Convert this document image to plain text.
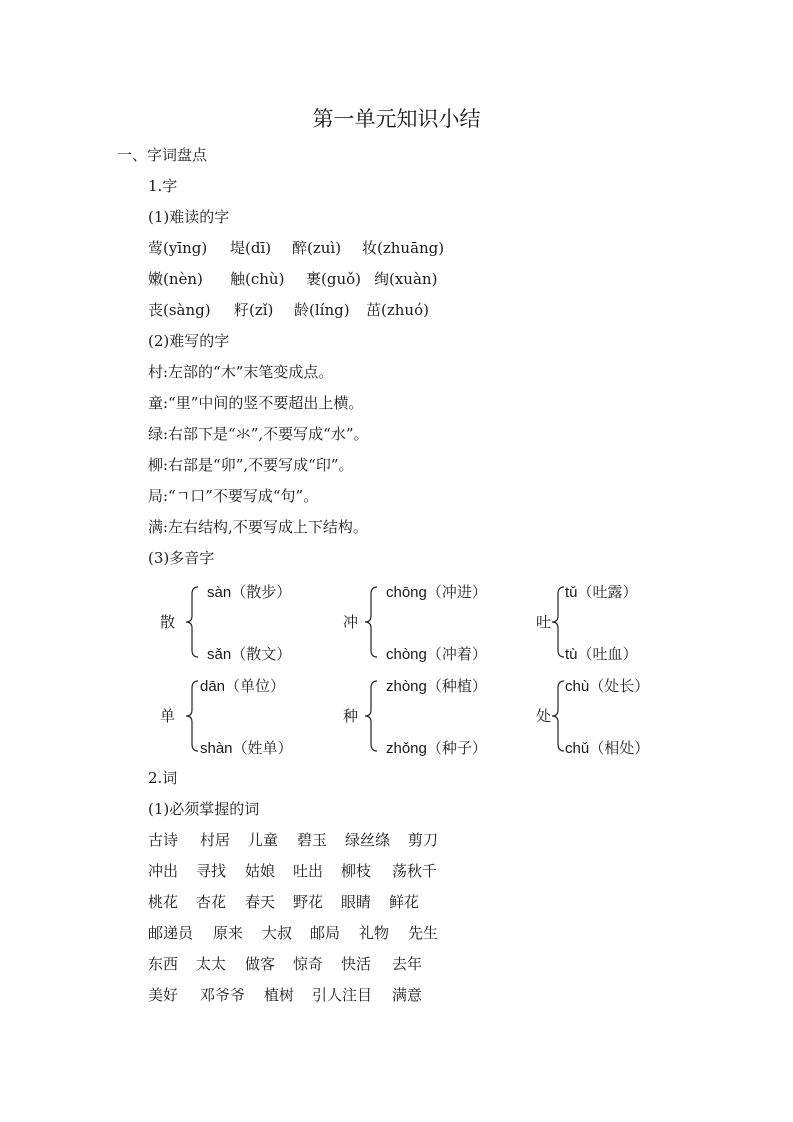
第一单元知识小结
一、字词盘点
1.字
(1)难读的字
莺(yīng) 堤(dī) 醉(zuì) 妆(zhuāng)
嫩(nèn) 触(chù) 裹(guǒ) 绚(xuàn)
丧(sàng) 籽(zǐ) 龄(líng) 茁(zhuó)
(2)难写的字
村:左部的“木”末笔变成点。
童:“里”中间的竖不要超出上横。
绿:右部下是“氺”,不要写成“水”。
柳:右部是“卯”,不要写成“印”。
局:“ㄱ口”不要写成“句”。
满:左右结构,不要写成上下结构。
(3)多音字
散
sàn（散步）
sǎn（散文）
冲
chōng（冲进）
chòng（冲着）
吐
tǔ（吐露）
tù（吐血）
单
dān（单位）
shàn（姓单）
种
zhòng（种植）
zhǒng（种子）
处
chù（处长）
chǔ（相处）
2.词
(1)必须掌握的词
古诗 村居 儿童 碧玉 绿丝绦 剪刀
冲出 寻找 姑娘 吐出 柳枝 荡秋千
桃花 杏花 春天 野花 眼睛 鲜花
邮递员 原来 大叔 邮局 礼物 先生
东西 太太 做客 惊奇 快活 去年
美好 邓爷爷 植树 引人注目 满意
